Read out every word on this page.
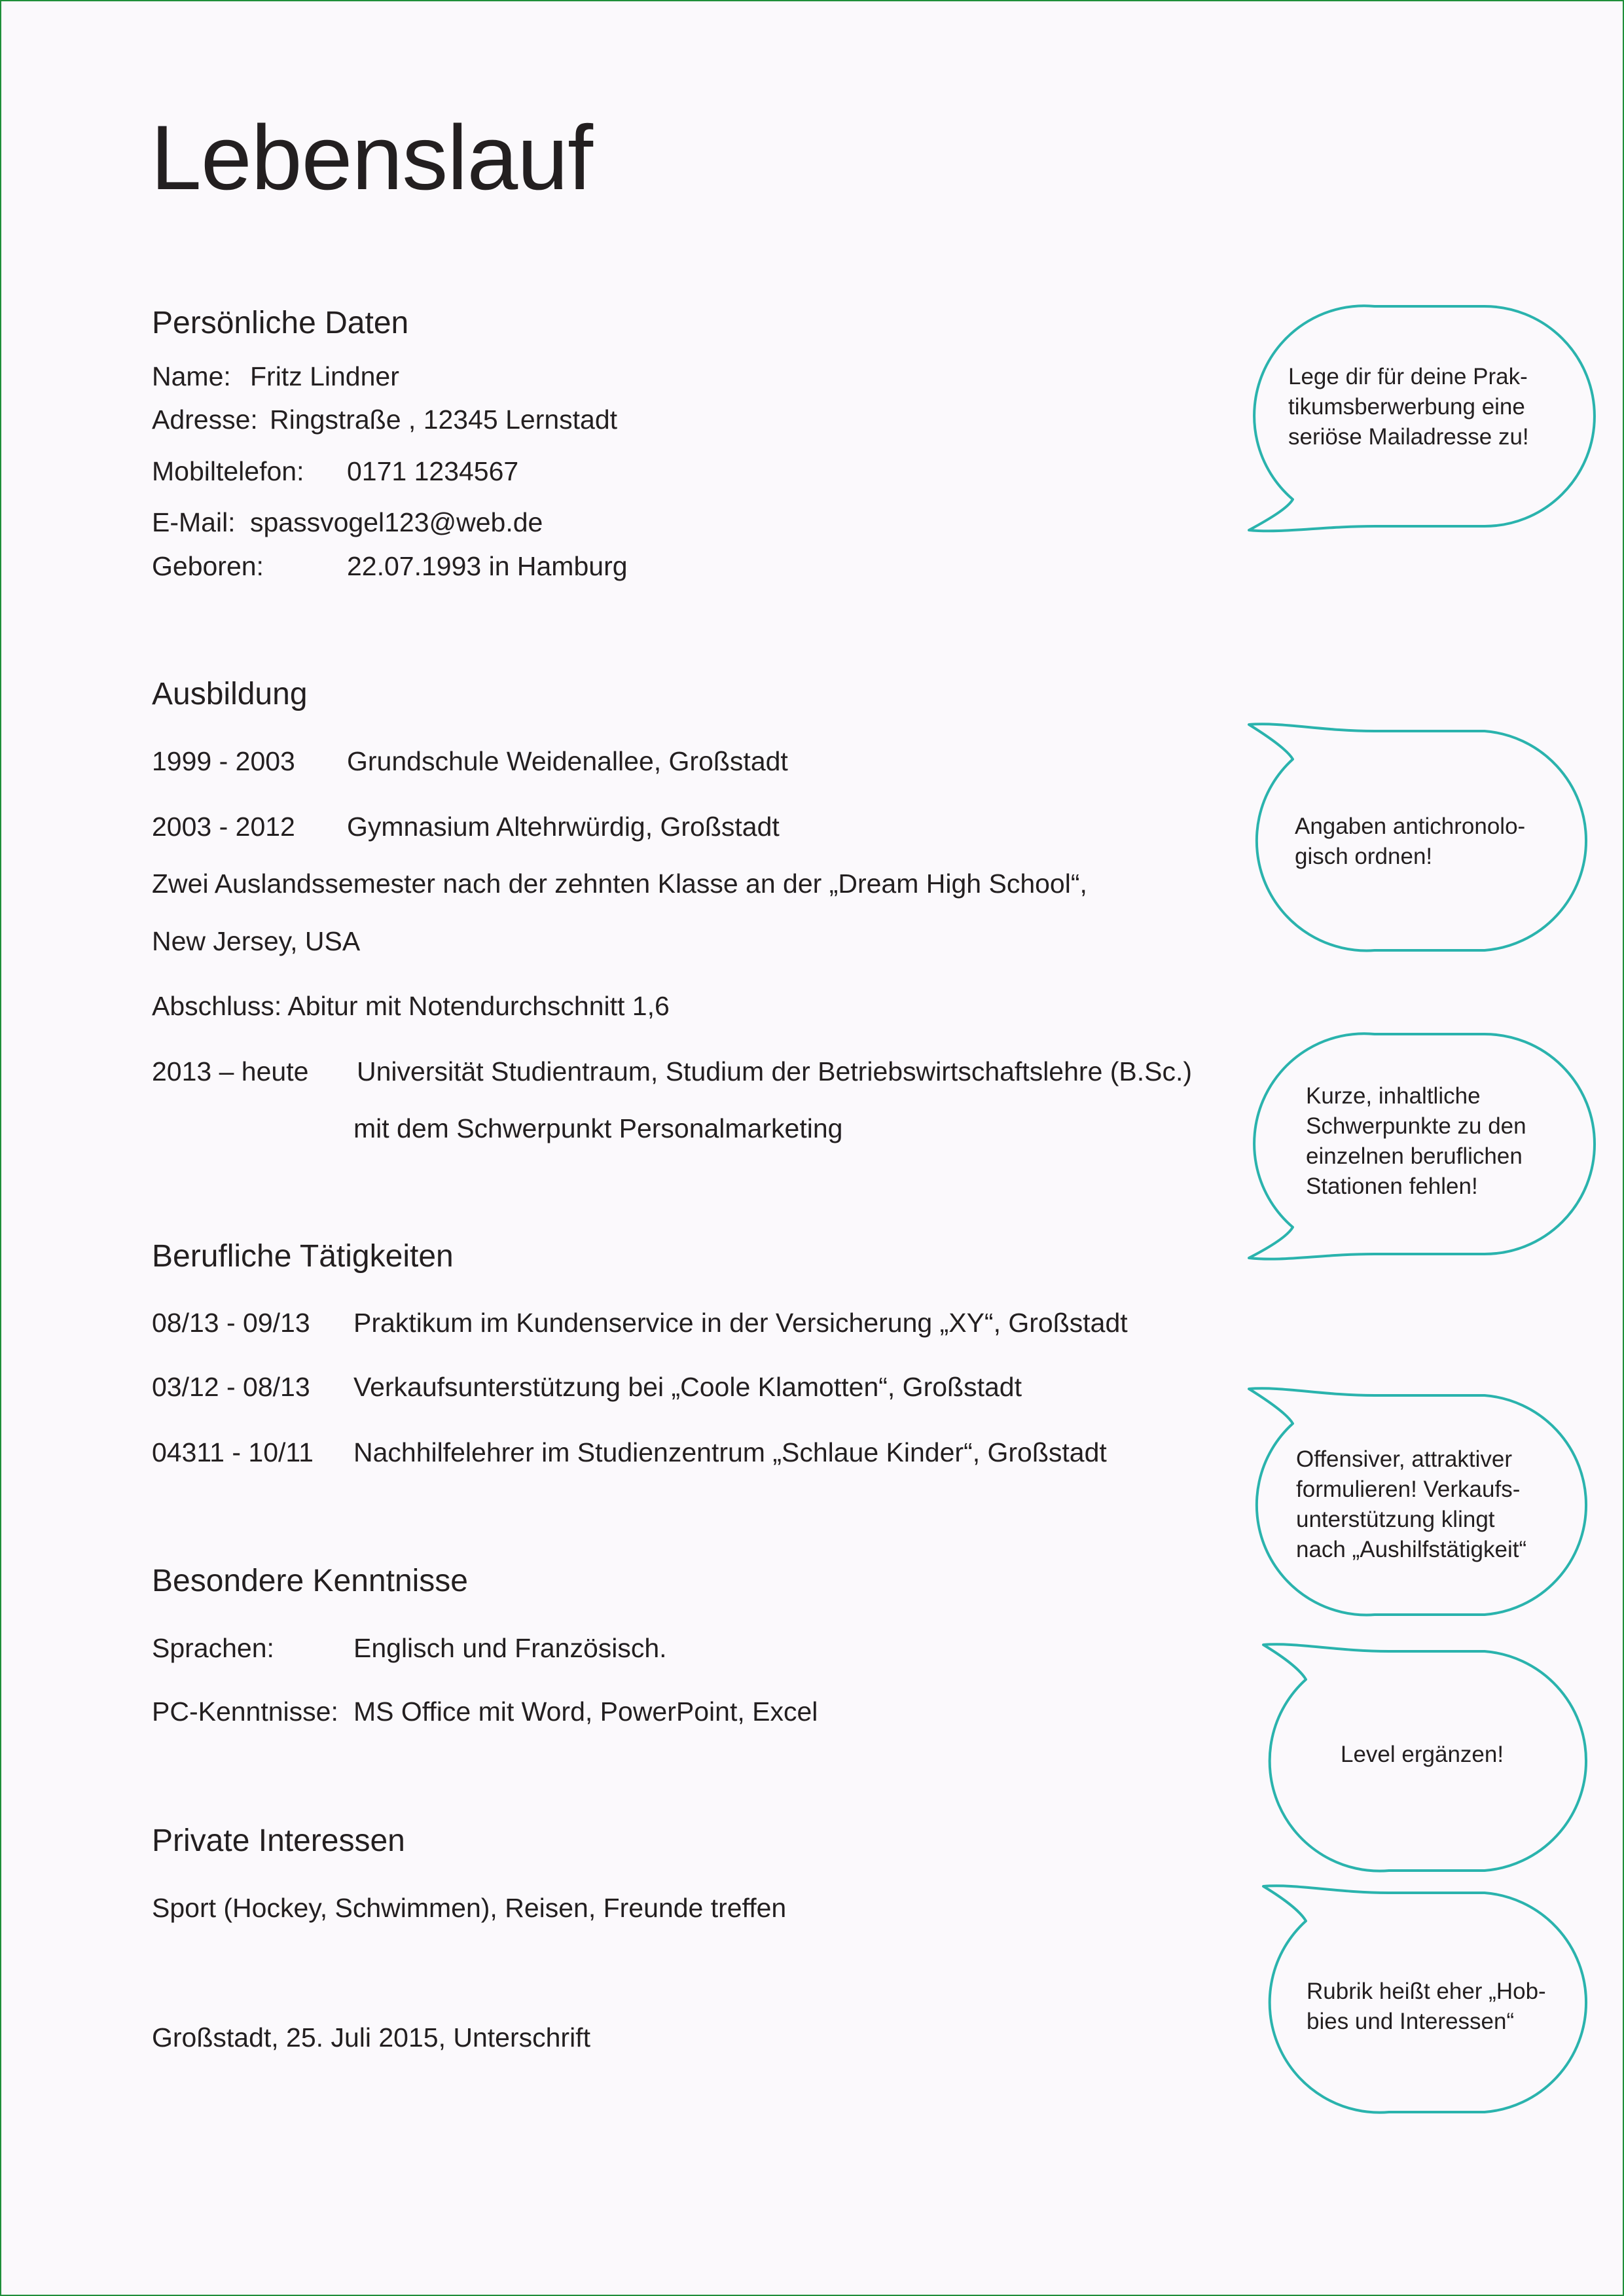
Lebenslauf
Persönliche Daten
Name: Fritz Lindner
Adresse: Ringstraße , 12345 Lernstadt
Mobiltelefon: 0171 1234567
E-Mail: spassvogel123@web.de
Geboren:	22.07.1993 in Hamburg
Ausbildung
1999 - 2003 Grundschule Weidenallee, Großstadt
2003 - 2012 Gymnasium Altehrwürdig, Großstadt
Zwei Auslandssemester nach der zehnten Klasse an der „Dream High School“,
New Jersey, USA
Abschluss: Abitur mit Notendurchschnitt 1,6
2013 – heute Universität Studientraum, Studium der Betriebswirtschaftslehre (B.Sc.)
mit dem Schwerpunkt Personalmarketing
Berufliche Tätigkeiten
08/13 - 09/13 Praktikum im Kundenservice in der Versicherung „XY“, Großstadt
03/12 - 08/13 Verkaufsunterstützung bei „Coole Klamotten“, Großstadt
04311 - 10/11 Nachhilfelehrer im Studienzentrum „Schlaue Kinder“, Großstadt
Besondere Kenntnisse
Sprachen:	Englisch und Französisch.
PC-Kenntnisse: MS Office mit Word, PowerPoint, Excel
Private Interessen
Sport (Hockey, Schwimmen), Reisen, Freunde treffen
Großstadt, 25. Juli 2015, Unterschrift
Lege dir für deine Prak-
tikumsberwerbung eine
seriöse Mailadresse zu!
Angaben antichronolo-
gisch ordnen!
Kurze, inhaltliche
Schwerpunkte zu den
einzelnen beruflichen
Stationen fehlen!
Offensiver, attraktiver
formulieren! Verkaufs-
unterstützung klingt
nach „Aushilfstätigkeit“
Level ergänzen!
Rubrik heißt eher „Hob-
bies und Interessen“
